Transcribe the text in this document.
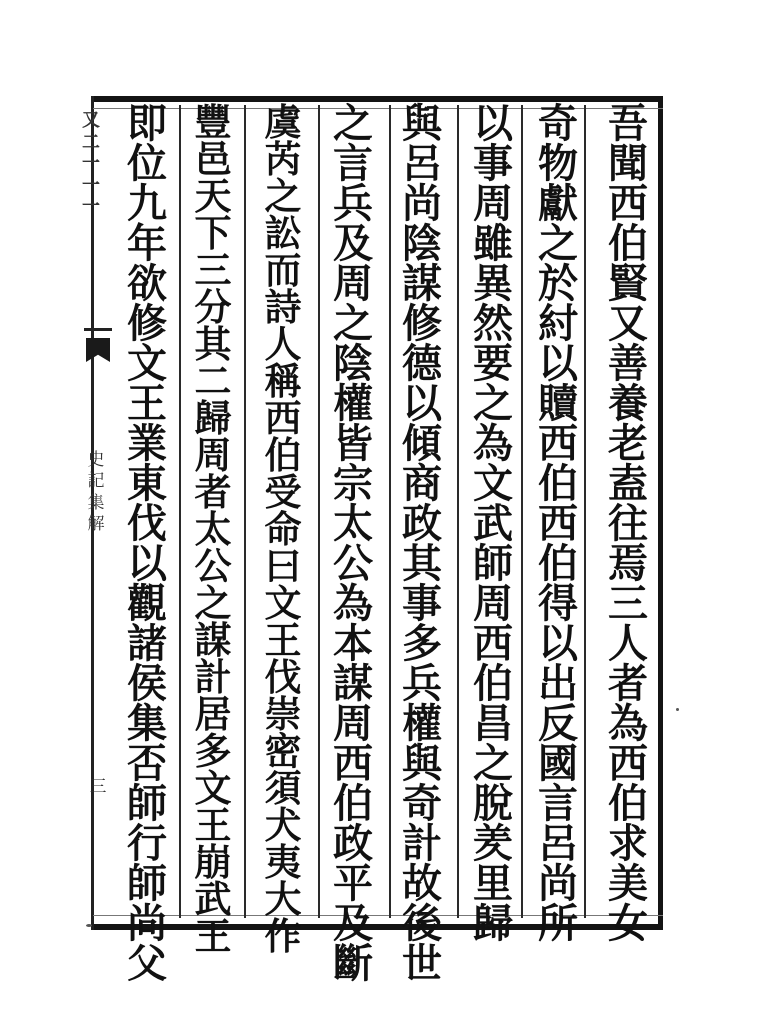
吾
聞
西
伯
賢
又
善
養
老
盍
往
焉
三
人
者
為
西
伯
求
美
女
奇
物
獻
之
於
紂
以
贖
西
伯
西
伯
得
以
出
反
國
言
呂
尚
所
以
事
周
雖
異
然
要
之
為
文
武
師
周
西
伯
昌
之
脫
羑
里
歸
與
呂
尚
陰
謀
修
德
以
傾
商
政
其
事
多
兵
權
與
奇
計
故
後
世
之
言
兵
及
周
之
陰
權
皆
宗
太
公
為
本
謀
周
西
伯
政
平
及
斷
虞
芮
之
訟
而
詩
人
稱
西
伯
受
命
曰
文
王
伐
崇
密
須
犬
夷
大
作
豐
邑
天
下
三
分
其
二
歸
周
者
太
公
之
謀
計
居
多
文
王
崩
武
王
即
位
九
年
欲
修
文
王
業
東
伐
以
觀
諸
侯
集
否
師
行
師
尚
父
又
二
一
一
一
史
記
集
解
三
